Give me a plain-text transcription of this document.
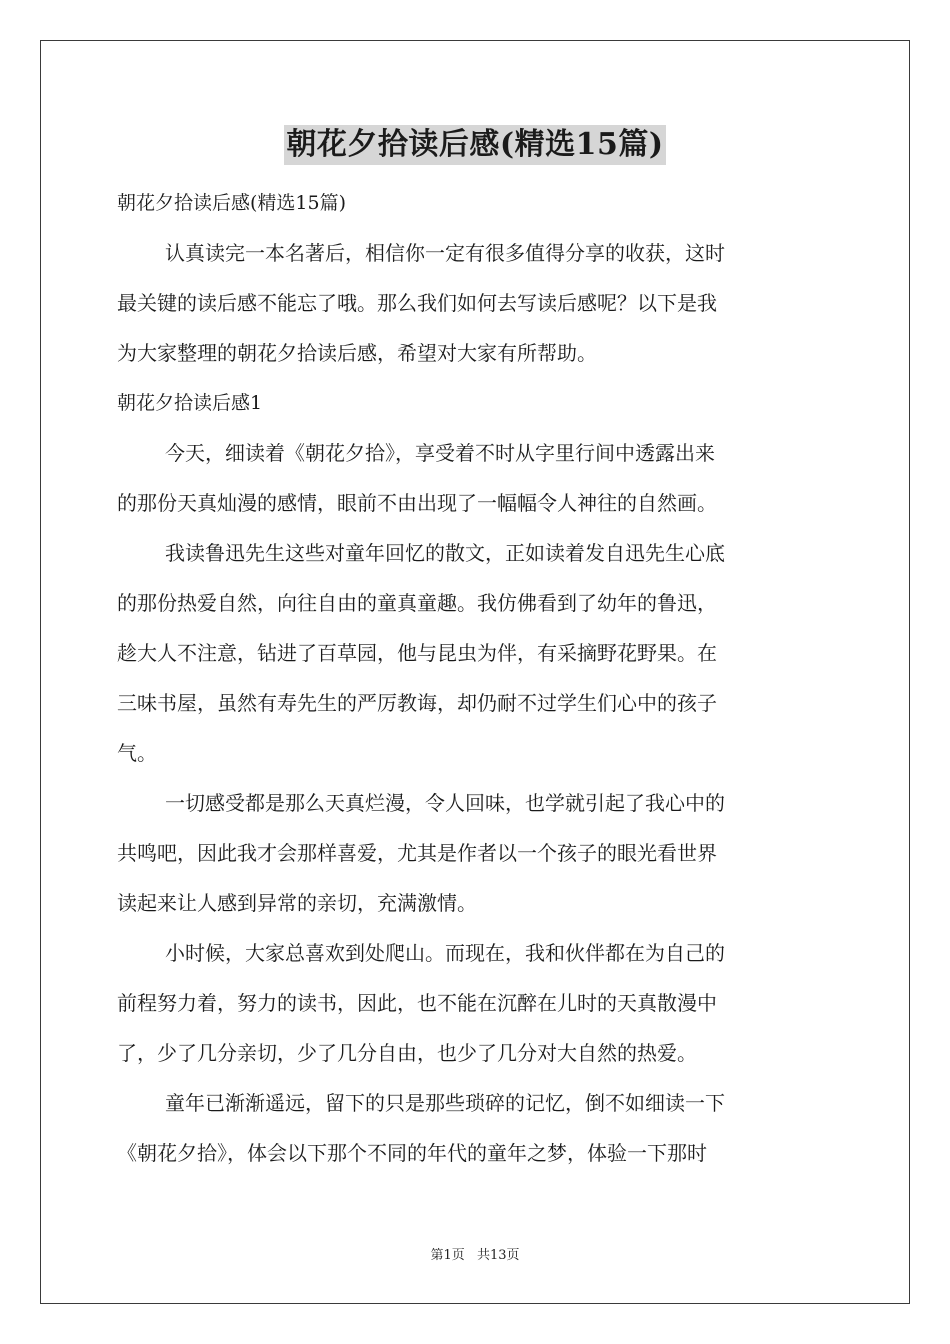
朝花夕拾读后感(精选15篇)

朝花夕拾读后感(精选15篇)

认真读完一本名著后，相信你一定有很多值得分享的收获，这时

最关键的读后感不能忘了哦。那么我们如何去写读后感呢？以下是我

为大家整理的朝花夕拾读后感，希望对大家有所帮助。

朝花夕拾读后感1

今天，细读着《朝花夕拾》，享受着不时从字里行间中透露出来

的那份天真灿漫的感情，眼前不由出现了一幅幅令人神往的自然画。

我读鲁迅先生这些对童年回忆的散文，正如读着发自迅先生心底

的那份热爱自然，向往自由的童真童趣。我仿佛看到了幼年的鲁迅，

趁大人不注意，钻进了百草园，他与昆虫为伴，有采摘野花野果。在

三味书屋，虽然有寿先生的严厉教诲，却仍耐不过学生们心中的孩子

气。

一切感受都是那么天真烂漫，令人回味，也学就引起了我心中的

共鸣吧，因此我才会那样喜爱，尤其是作者以一个孩子的眼光看世界

读起来让人感到异常的亲切，充满激情。

小时候，大家总喜欢到处爬山。而现在，我和伙伴都在为自己的

前程努力着，努力的读书，因此，也不能在沉醉在儿时的天真散漫中

了，少了几分亲切，少了几分自由，也少了几分对大自然的热爱。

童年已渐渐遥远，留下的只是那些琐碎的记忆，倒不如细读一下

《朝花夕拾》，体会以下那个不同的年代的童年之梦，体验一下那时

第1页 共13页
